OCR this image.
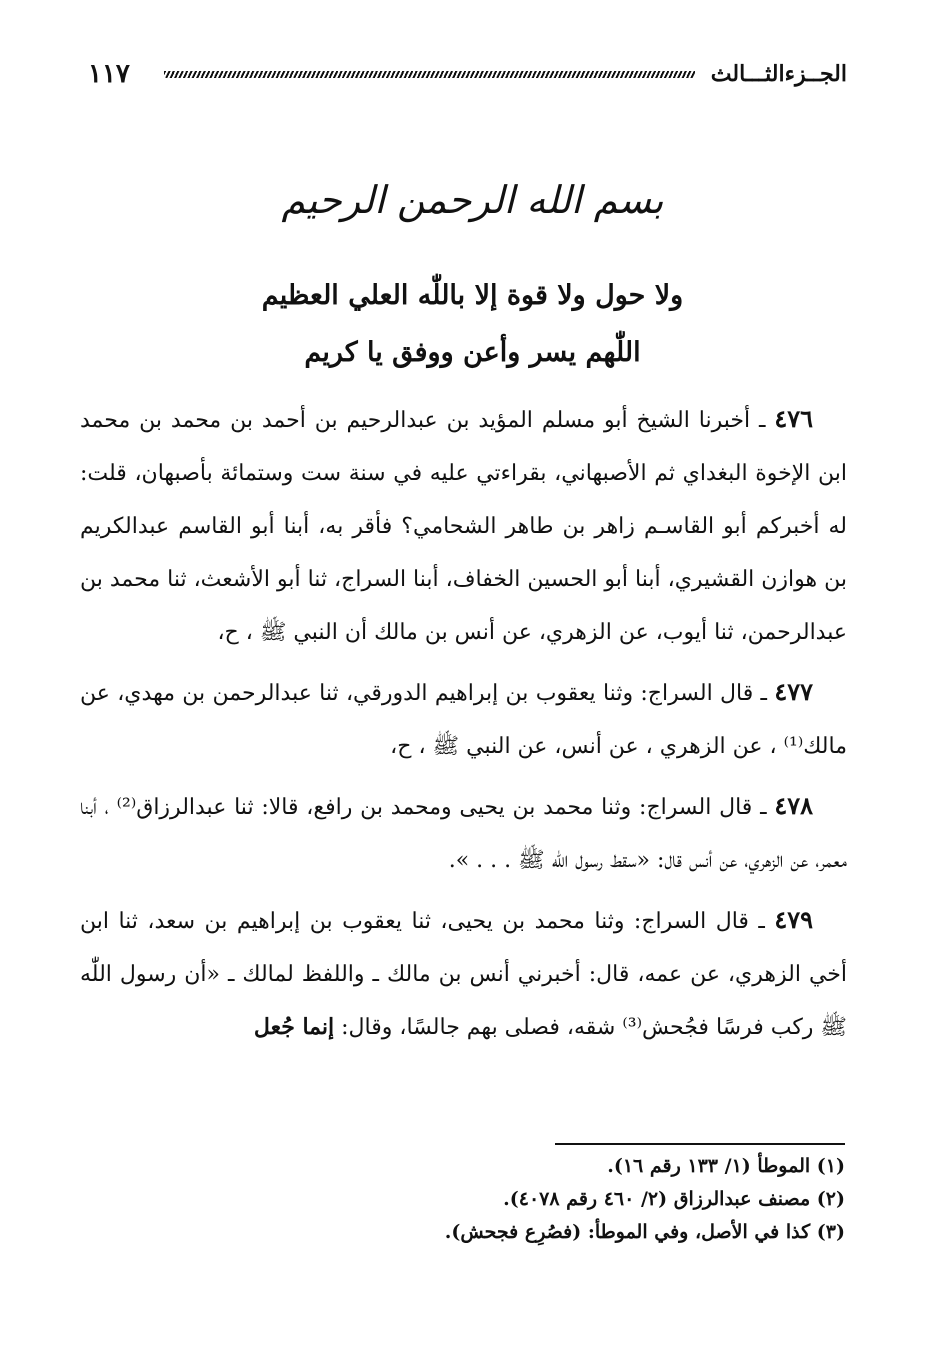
١١٧	الجــزءالثـــالث
بسم الله الرحمن الرحيم
ولا حول ولا قوة إلا باللّٰه العلي العظيم
اللّٰهم يسر وأعن ووفق يا كريم

٤٧٦ ـ أخبرنا الشيخ أبو مسلم المؤيد بن عبدالرحيم بن أحمد بن محمد بن محمد ابن الإخوة البغداي ثم الأصبهاني، بقراءتي عليه في سنة ست وستمائة بأصبهان، قلت: له أخبركم أبو القاسـم زاهر بن طاهر الشحامي؟ فأقر به، أبنا أبو القاسم عبدالكريم بن هوازن القشيري، أبنا أبو الحسين الخفاف، أبنا السراج، ثنا أبو الأشعث، ثنا محمد بن عبدالرحمن، ثنا أيوب، عن الزهري، عن أنس بن مالك أن النبي ﷺ ، ح،

٤٧٧ ـ قال السراج: وثنا يعقوب بن إبراهيم الدورقي، ثنا عبدالرحمن بن مهدي، عن مالك⁽¹⁾ ، عن الزهري ، عن أنس، عن النبي ﷺ ، ح،

٤٧٨ ـ قال السراج: وثنا محمد بن يحيى ومحمد بن رافع، قالا: ثنا عبدالرزاق⁽²⁾ ، أبنا معمر، عن الزهري، عن أنس قال: «سقط رسول اللّٰه ﷺ . . . ».

٤٧٩ ـ قال السراج: وثنا محمد بن يحيى، ثنا يعقوب بن إبراهيم بن سعد، ثنا ابن أخي الزهري، عن عمه، قال: أخبرني أنس بن مالك ـ واللفظ لمالك ـ «أن رسول اللّٰه ﷺ ركب فرسًا فجُحش⁽³⁾ شقه، فصلى بهم جالسًا، وقال: إنما جُعل

(١) الموطأ (١/ ١٣٣ رقم ١٦).

(٢) مصنف عبدالرزاق (٢/ ٤٦٠ رقم ٤٠٧٨).

(٣) كذا في الأصل، وفي الموطأ: (فصُرِع فجحش).
